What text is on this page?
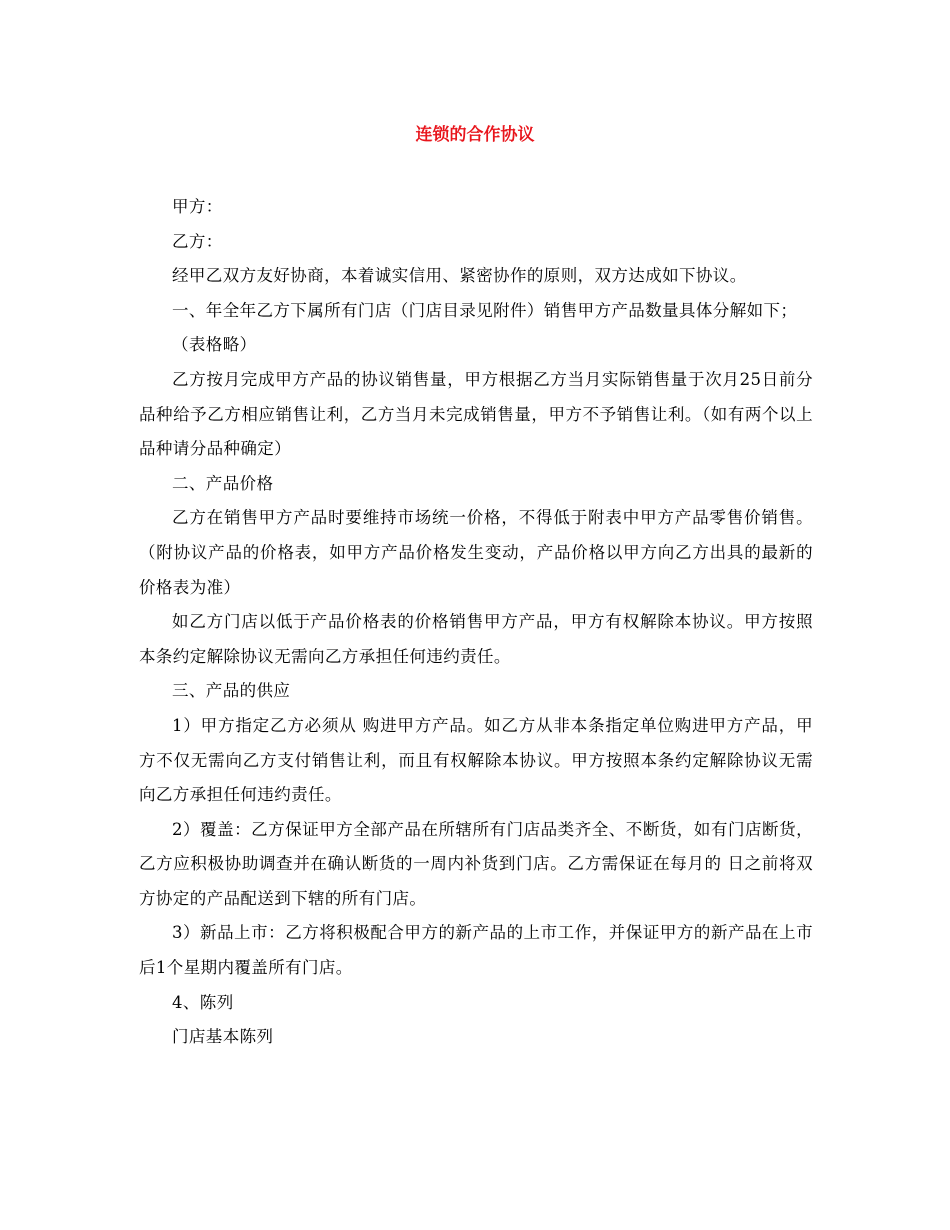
连锁的合作协议

甲方：

乙方：

经甲乙双方友好协商，本着诚实信用、紧密协作的原则，双方达成如下协议。

一、年全年乙方下属所有门店（门店目录见附件）销售甲方产品数量具体分解如下；

（表格略）

乙方按月完成甲方产品的协议销售量，甲方根据乙方当月实际销售量于次月25日前分品种给予乙方相应销售让利，乙方当月未完成销售量，甲方不予销售让利。（如有两个以上品种请分品种确定）

二、产品价格

乙方在销售甲方产品时要维持市场统一价格，不得低于附表中甲方产品零售价销售。（附协议产品的价格表，如甲方产品价格发生变动，产品价格以甲方向乙方出具的最新的价格表为准）

如乙方门店以低于产品价格表的价格销售甲方产品，甲方有权解除本协议。甲方按照本条约定解除协议无需向乙方承担任何违约责任。

三、产品的供应

1）甲方指定乙方必须从 购进甲方产品。如乙方从非本条指定单位购进甲方产品，甲方不仅无需向乙方支付销售让利，而且有权解除本协议。甲方按照本条约定解除协议无需向乙方承担任何违约责任。

2）覆盖：乙方保证甲方全部产品在所辖所有门店品类齐全、不断货，如有门店断货，乙方应积极协助调查并在确认断货的一周内补货到门店。乙方需保证在每月的 日之前将双方协定的产品配送到下辖的所有门店。

3）新品上市：乙方将积极配合甲方的新产品的上市工作，并保证甲方的新产品在上市后1个星期内覆盖所有门店。

4、陈列

门店基本陈列
